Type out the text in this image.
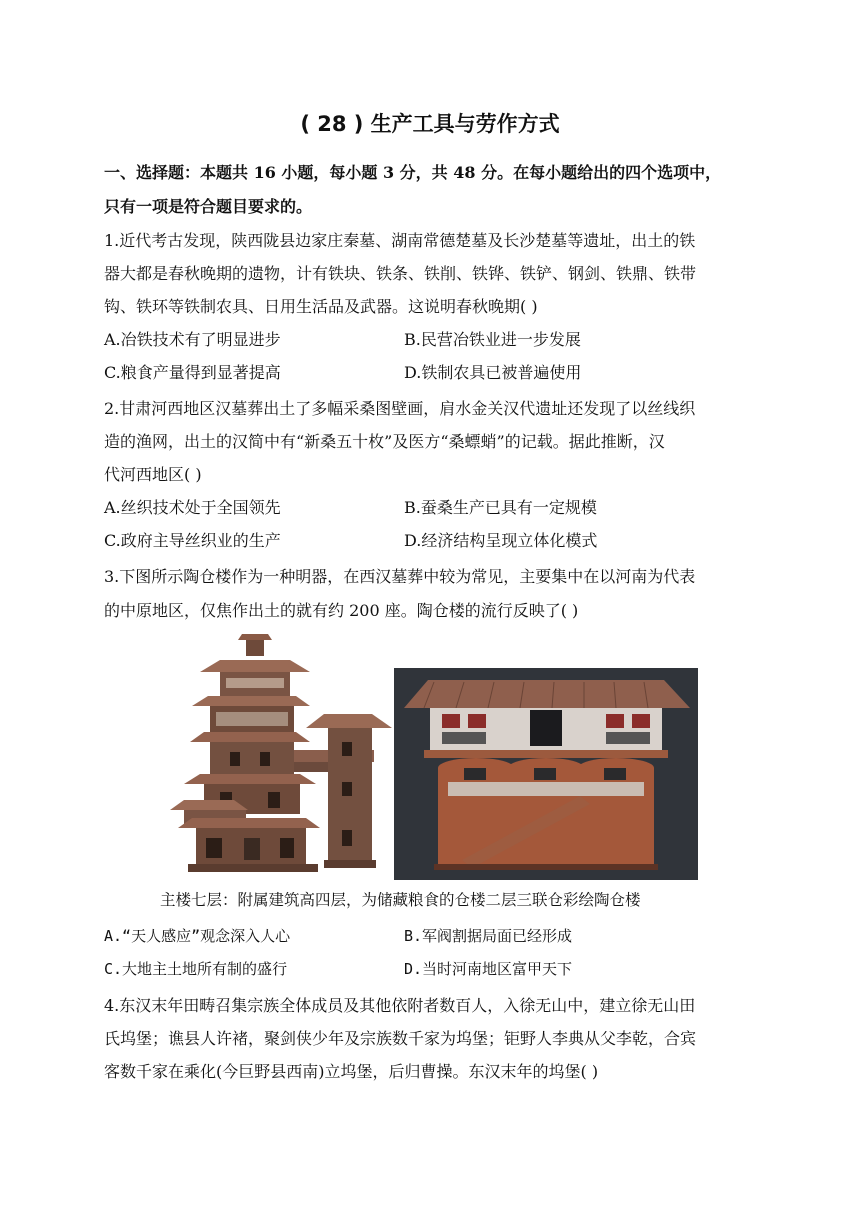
( 28 ) 生产工具与劳作方式
一、选择题：本题共 16 小题，每小题 3 分，共 48 分。在每小题给出的四个选项中，
只有一项是符合题目要求的。
1.近代考古发现，陕西陇县边家庄秦墓、湖南常德楚墓及长沙楚墓等遗址，出土的铁
器大都是春秋晚期的遗物，计有铁块、铁条、铁削、铁铧、铁铲、钢剑、铁鼎、铁带
钩、铁环等铁制农具、日用生活品及武器。这说明春秋晚期( )
A.冶铁技术有了明显进步	B.民营冶铁业进一步发展
C.粮食产量得到显著提高	D.铁制农具已被普遍使用
2.甘肃河西地区汉墓葬出土了多幅采桑图壁画，肩水金关汉代遗址还发现了以丝线织
造的渔网，出土的汉简中有“新桑五十枚”及医方“桑螵蛸”的记载。据此推断，汉
代河西地区( )
A.丝织技术处于全国领先	B.蚕桑生产已具有一定规模
C.政府主导丝织业的生产	D.经济结构呈现立体化模式
3.下图所示陶仓楼作为一种明器，在西汉墓葬中较为常见，主要集中在以河南为代表
的中原地区，仅焦作出土的就有约 200 座。陶仓楼的流行反映了( )
主楼七层：附属建筑高四层，为储藏粮食的仓楼二层三联仓彩绘陶仓楼
A.“天人感应”观念深入人心	B.军阀割据局面已经形成
C.大地主土地所有制的盛行	D.当时河南地区富甲天下
4.东汉末年田畴召集宗族全体成员及其他依附者数百人，入徐无山中，建立徐无山田
氏坞堡；谯县人许褚，聚剑侠少年及宗族数千家为坞堡；钜野人李典从父李乾，合宾
客数千家在乘化(今巨野县西南)立坞堡，后归曹操。东汉末年的坞堡( )
